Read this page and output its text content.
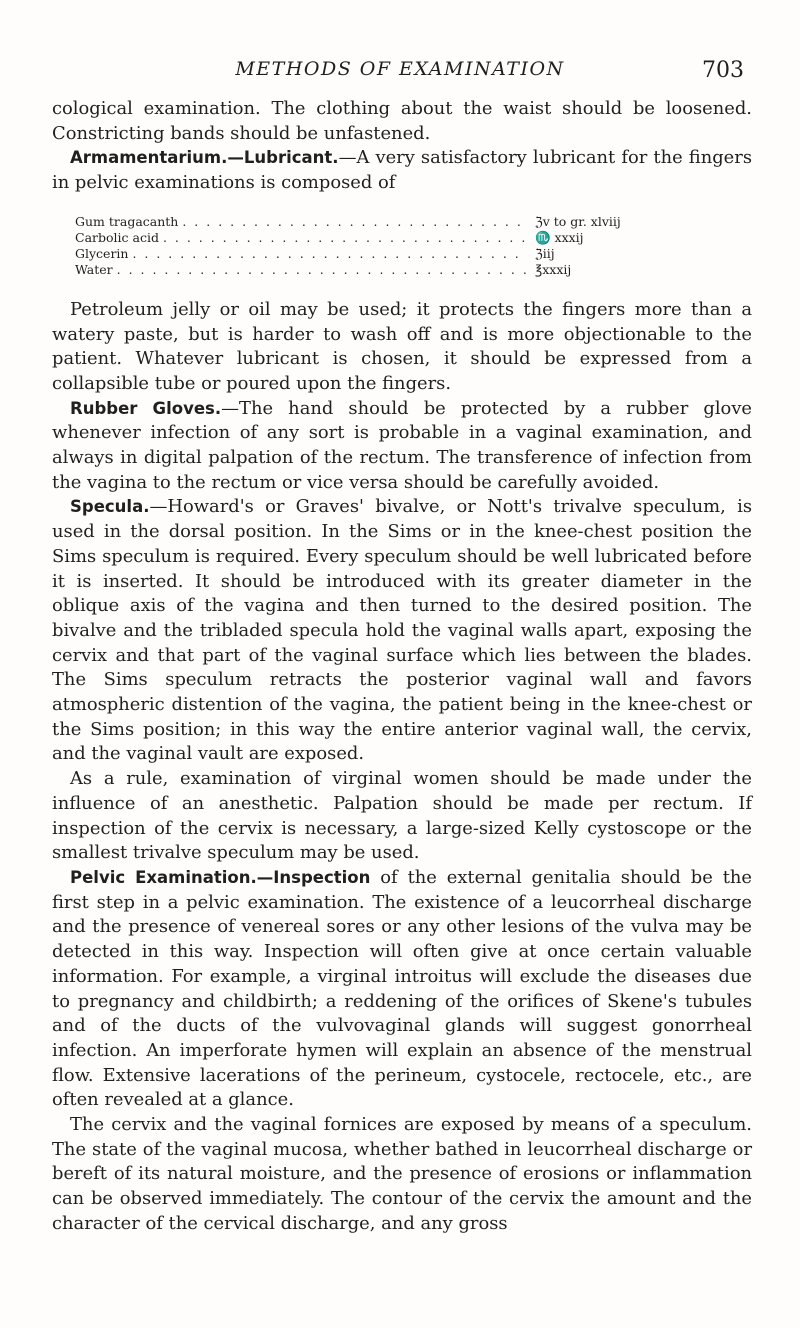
METHODS OF EXAMINATION	703

cological examination. The clothing about the waist should be loosened. Constricting bands should be unfastened.

Armamentarium.—Lubricant.—A very satisfactory lubricant for the fingers in pelvic examinations is composed of

Gum tragacanth . . .	ℨv to gr. xlviij
Carbolic acid . . .	♏ xxxij
Glycerin . . .	ℨiij
Water . . .	℥xxxij

Petroleum jelly or oil may be used; it protects the fingers more than a watery paste, but is harder to wash off and is more objectionable to the patient. Whatever lubricant is chosen, it should be expressed from a collapsible tube or poured upon the fingers.

Rubber Gloves.—The hand should be protected by a rubber glove whenever infection of any sort is probable in a vaginal examination, and always in digital palpation of the rectum. The transference of infection from the vagina to the rectum or vice versa should be carefully avoided.

Specula.—Howard's or Graves' bivalve, or Nott's trivalve speculum, is used in the dorsal position. In the Sims or in the knee-chest position the Sims speculum is required. Every speculum should be well lubricated before it is inserted. It should be introduced with its greater diameter in the oblique axis of the vagina and then turned to the desired position. The bivalve and the tribladed specula hold the vaginal walls apart, exposing the cervix and that part of the vaginal surface which lies between the blades. The Sims speculum retracts the posterior vaginal wall and favors atmospheric distention of the vagina, the patient being in the knee-chest or the Sims position; in this way the entire anterior vaginal wall, the cervix, and the vaginal vault are exposed.

As a rule, examination of virginal women should be made under the influence of an anesthetic. Palpation should be made per rectum. If inspection of the cervix is necessary, a large-sized Kelly cystoscope or the smallest trivalve speculum may be used.

Pelvic Examination.—Inspection of the external genitalia should be the first step in a pelvic examination. The existence of a leucorrheal discharge and the presence of venereal sores or any other lesions of the vulva may be detected in this way. Inspection will often give at once certain valuable information. For example, a virginal introitus will exclude the diseases due to pregnancy and childbirth; a reddening of the orifices of Skene's tubules and of the ducts of the vulvovaginal glands will suggest gonorrheal infection. An imperforate hymen will explain an absence of the menstrual flow. Extensive lacerations of the perineum, cystocele, rectocele, etc., are often revealed at a glance.

The cervix and the vaginal fornices are exposed by means of a speculum. The state of the vaginal mucosa, whether bathed in leucorrheal discharge or bereft of its natural moisture, and the presence of erosions or inflammation can be observed immediately. The contour of the cervix the amount and the character of the cervical discharge, and any gross
